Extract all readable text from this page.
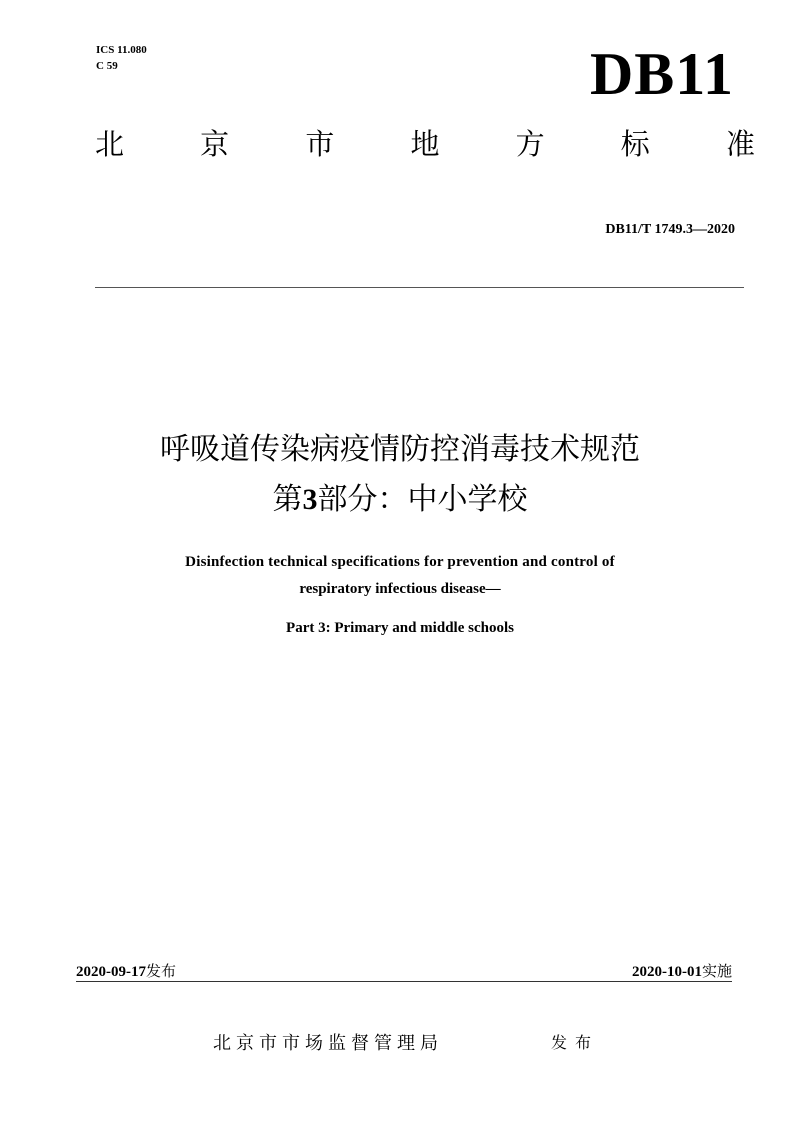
ICS 11.080
C 59	DB11
北	京	市	地	方	标	准
DB11/T 1749.3—2020
呼吸道传染病疫情防控消毒技术规范
第3部分：中小学校
Disinfection technical specifications for prevention and control of
respiratory infectious disease—
Part 3: Primary and middle schools
2020-09-17发布	2020-10-01实施
北京市市场监督管理局	发布
